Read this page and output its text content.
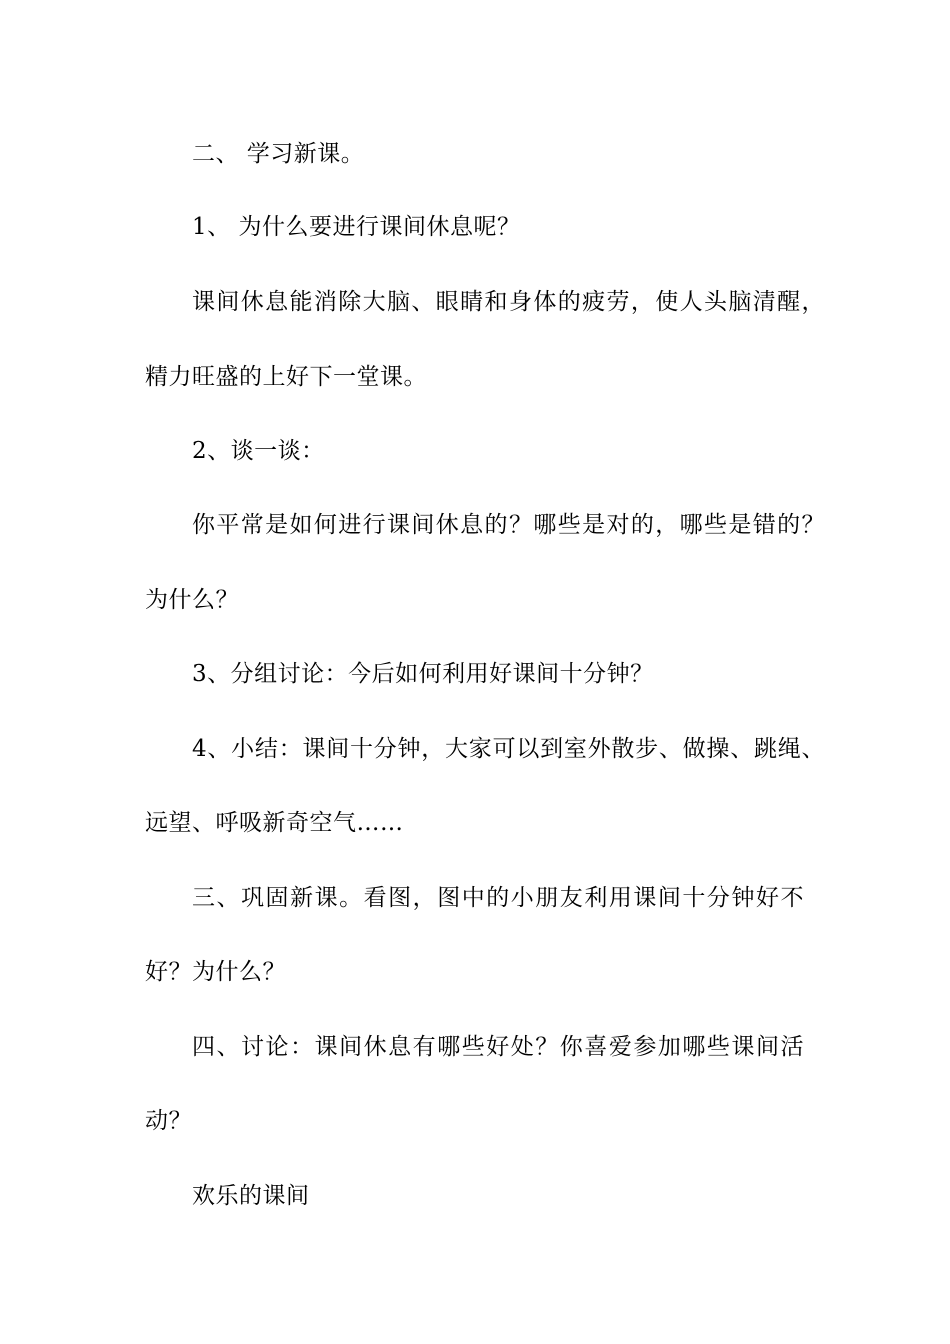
二、 学习新课。
1、 为什么要进行课间休息呢？
课间休息能消除大脑、眼睛和身体的疲劳，使人头脑清醒，
精力旺盛的上好下一堂课。
2、谈一谈：
你平常是如何进行课间休息的？哪些是对的，哪些是错的？
为什么？
3、分组讨论：今后如何利用好课间十分钟？
4、小结：课间十分钟，大家可以到室外散步、做操、跳绳、
远望、呼吸新奇空气……
三、巩固新课。看图，图中的小朋友利用课间十分钟好不
好？为什么？
四、讨论：课间休息有哪些好处？你喜爱参加哪些课间活
动？
欢乐的课间
